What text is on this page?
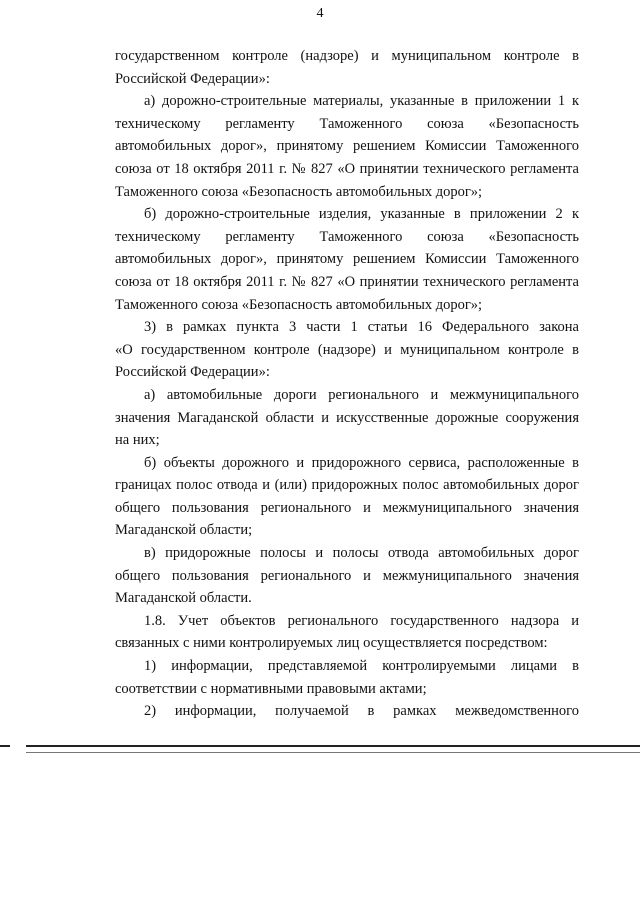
4
государственном контроле (надзоре) и муниципальном контроле в
Российской Федерации»:
а) дорожно-строительные материалы, указанные в приложении 1 к
техническому регламенту Таможенного союза «Безопасность
автомобильных дорог», принятому решением Комиссии Таможенного
союза от 18 октября 2011 г. № 827 «О принятии технического регламента
Таможенного союза «Безопасность автомобильных дорог»;
б) дорожно-строительные изделия, указанные в приложении 2 к
техническому регламенту Таможенного союза «Безопасность
автомобильных дорог», принятому решением Комиссии Таможенного
союза от 18 октября 2011 г. № 827 «О принятии технического регламента
Таможенного союза «Безопасность автомобильных дорог»;
3) в рамках пункта 3 части 1 статьи 16 Федерального закона
«О государственном контроле (надзоре) и муниципальном контроле в
Российской Федерации»:
а) автомобильные дороги регионального и межмуниципального
значения Магаданской области и искусственные дорожные сооружения
на них;
б) объекты дорожного и придорожного сервиса, расположенные в
границах полос отвода и (или) придорожных полос автомобильных дорог
общего пользования регионального и межмуниципального значения
Магаданской области;
в) придорожные полосы и полосы отвода автомобильных дорог
общего пользования регионального и межмуниципального значения
Магаданской области.
1.8. Учет объектов регионального государственного надзора и
связанных с ними контролируемых лиц осуществляется посредством:
1) информации, представляемой контролируемыми лицами в
соответствии с нормативными правовыми актами;
2) информации, получаемой в рамках межведомственного
